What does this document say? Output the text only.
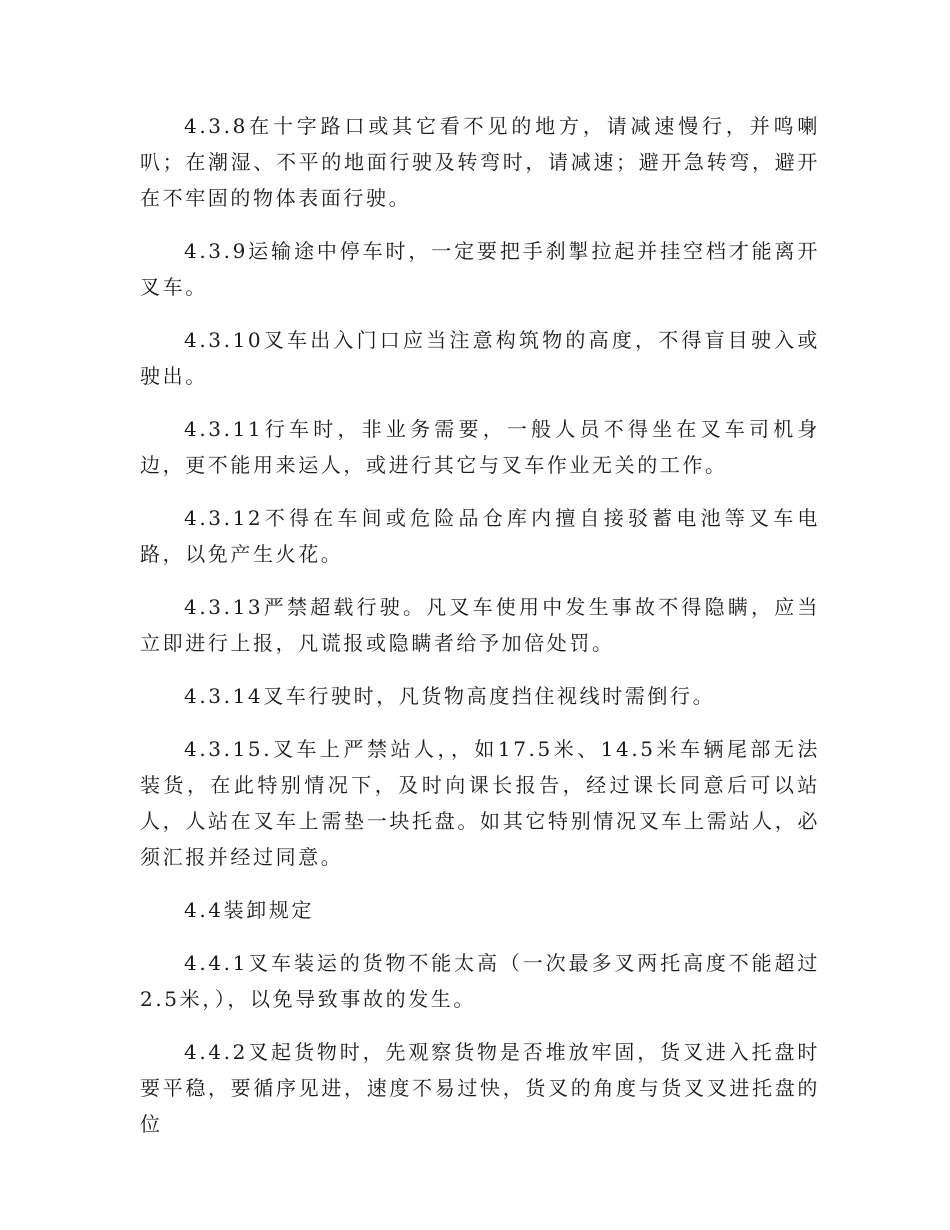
4.3.8在十字路口或其它看不见的地方，请减速慢行，并鸣喇叭；在潮湿、不平的地面行驶及转弯时，请减速；避开急转弯，避开在不牢固的物体表面行驶。

4.3.9运输途中停车时，一定要把手刹掣拉起并挂空档才能离开叉车。

4.3.10叉车出入门口应当注意构筑物的高度，不得盲目驶入或驶出。

4.3.11行车时，非业务需要，一般人员不得坐在叉车司机身边，更不能用来运人，或进行其它与叉车作业无关的工作。

4.3.12不得在车间或危险品仓库内擅自接驳蓄电池等叉车电路，以免产生火花。

4.3.13严禁超载行驶。凡叉车使用中发生事故不得隐瞒，应当立即进行上报，凡谎报或隐瞒者给予加倍处罚。

4.3.14叉车行驶时，凡货物高度挡住视线时需倒行。

4.3.15.叉车上严禁站人，，如17.5米、14.5米车辆尾部无法装货，在此特别情况下，及时向课长报告，经过课长同意后可以站人，人站在叉车上需垫一块托盘。如其它特别情况叉车上需站人，必须汇报并经过同意。

4.4装卸规定

4.4.1叉车装运的货物不能太高（一次最多叉两托高度不能超过2.5米，），以免导致事故的发生。

4.4.2叉起货物时，先观察货物是否堆放牢固，货叉进入托盘时要平稳，要循序见进，速度不易过快，货叉的角度与货叉叉进托盘的位
